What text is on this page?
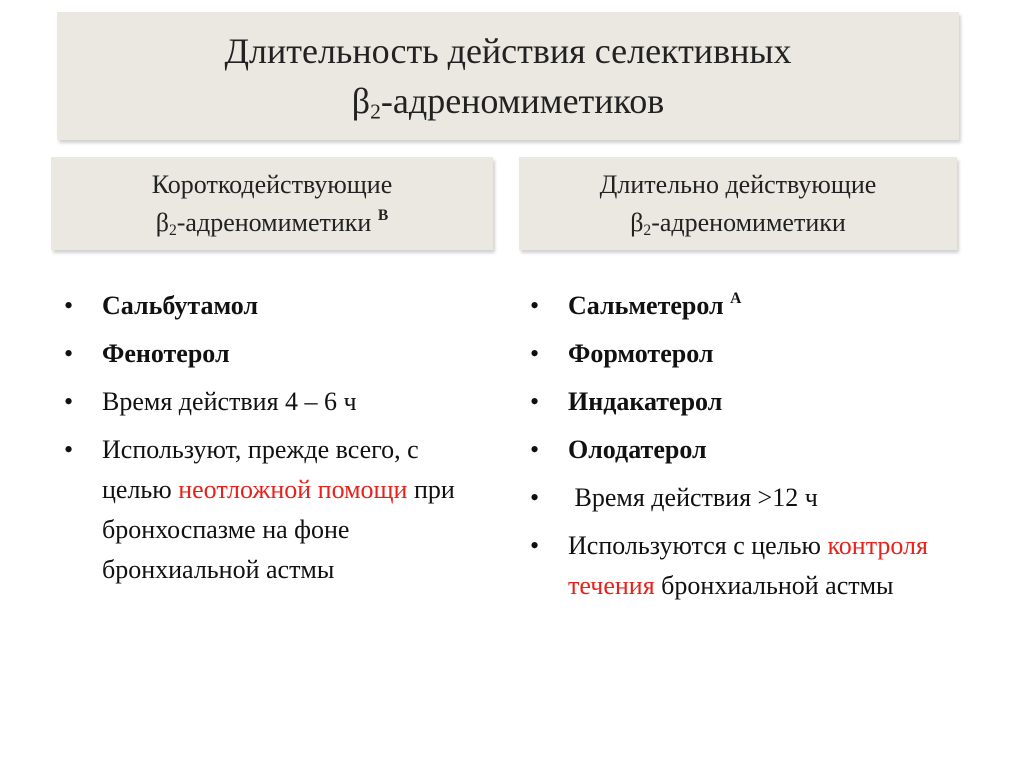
Длительность действия селективных
$\beta_2$-адреномиметиков
Короткодействующие
$\beta_2$-адреномиметики $^B$
Длительно действующие
$\beta_2$-адреномиметики
• Сальбутамол
• Фенотерол
• Время действия 4 – 6 ч
• Используют, прежде всего, с целью неотложной помощи при бронхоспазме на фоне бронхиальной астмы
• Сальметерол $^A$
• Формотерол
• Индакатерол
• Олодатерол
• Время действия >12 ч
• Используются с целью контроля течения бронхиальной астмы
